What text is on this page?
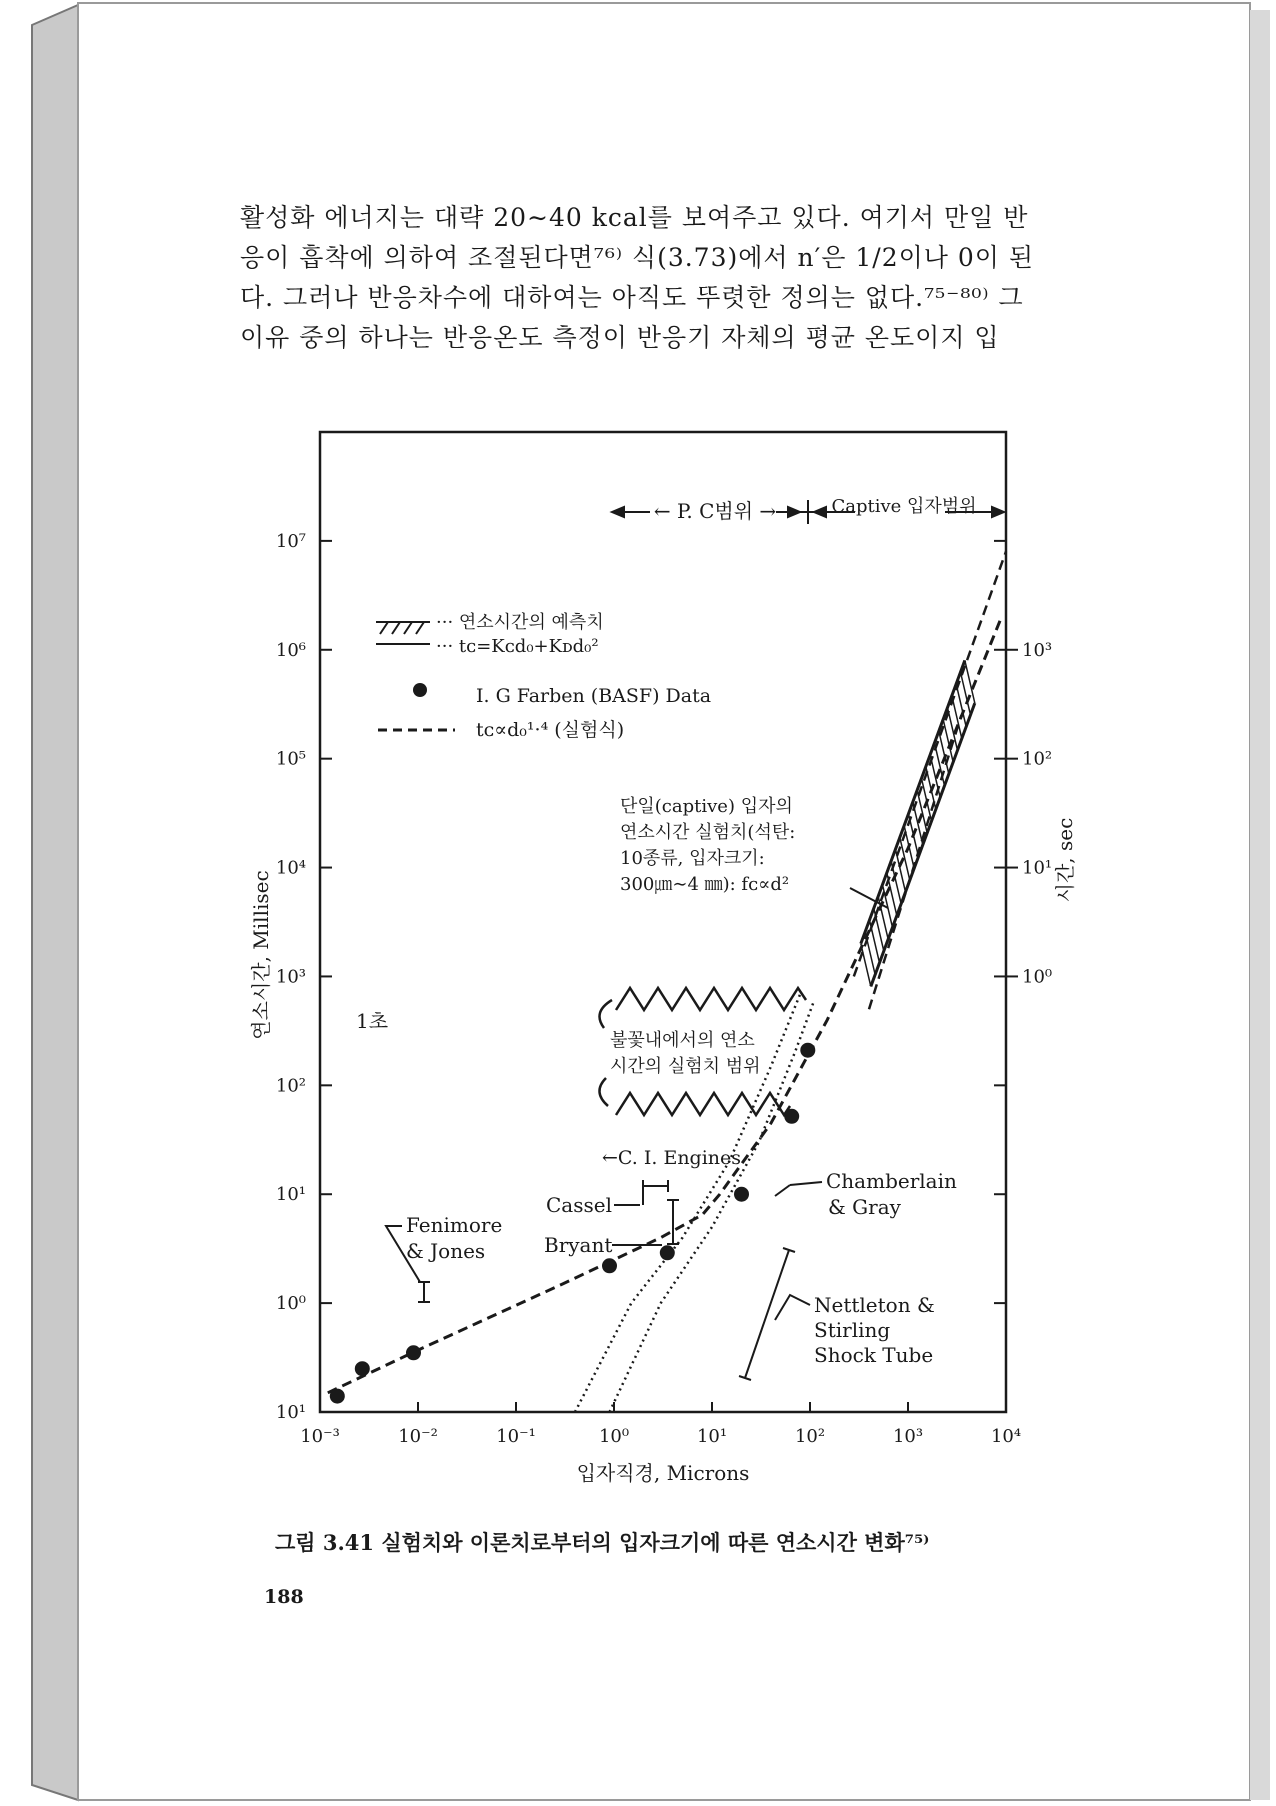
10⁻³	10⁻²	10⁻¹	10⁰	10¹	10²	10³	10⁴
10¹
10⁰
10¹
10²
10³
10⁴
10⁵
10⁶
10⁷
10⁰
10¹
10²
10³
입자직경, Microns
연소시간, Millisec
시간, sec
← P. C범위 →	Captive 입자범위
··· 연소시간의 예측치
··· tᴄ=Kᴄd₀+Kᴅd₀²
I. G Farben (BASF) Data
tᴄ∝d₀¹·⁴ (실험식)
단일(captive) 입자의
연소시간 실험치(석탄:
10종류, 입자크기:
300㎛∼4 ㎜): fᴄ∝d²
1초
불꽃내에서의 연소
시간의 실험치 범위
←C. I. Engines
Cassel
Bryant
Chamberlain
& Gray
Fenimore
& Jones
Nettleton &
Stirling
Shock Tube
활성화 에너지는 대략 20∼40 kcal를 보여주고 있다. 여기서 만일 반
응이 흡착에 의하여 조절된다면⁷⁶⁾ 식(3.73)에서 n′은 1/2이나 0이 된
다. 그러나 반응차수에 대하여는 아직도 뚜렷한 정의는 없다.⁷⁵⁻⁸⁰⁾ 그
이유 중의 하나는 반응온도 측정이 반응기 자체의 평균 온도이지 입
그림 3.41 실험치와 이론치로부터의 입자크기에 따른 연소시간 변화⁷⁵⁾
188
